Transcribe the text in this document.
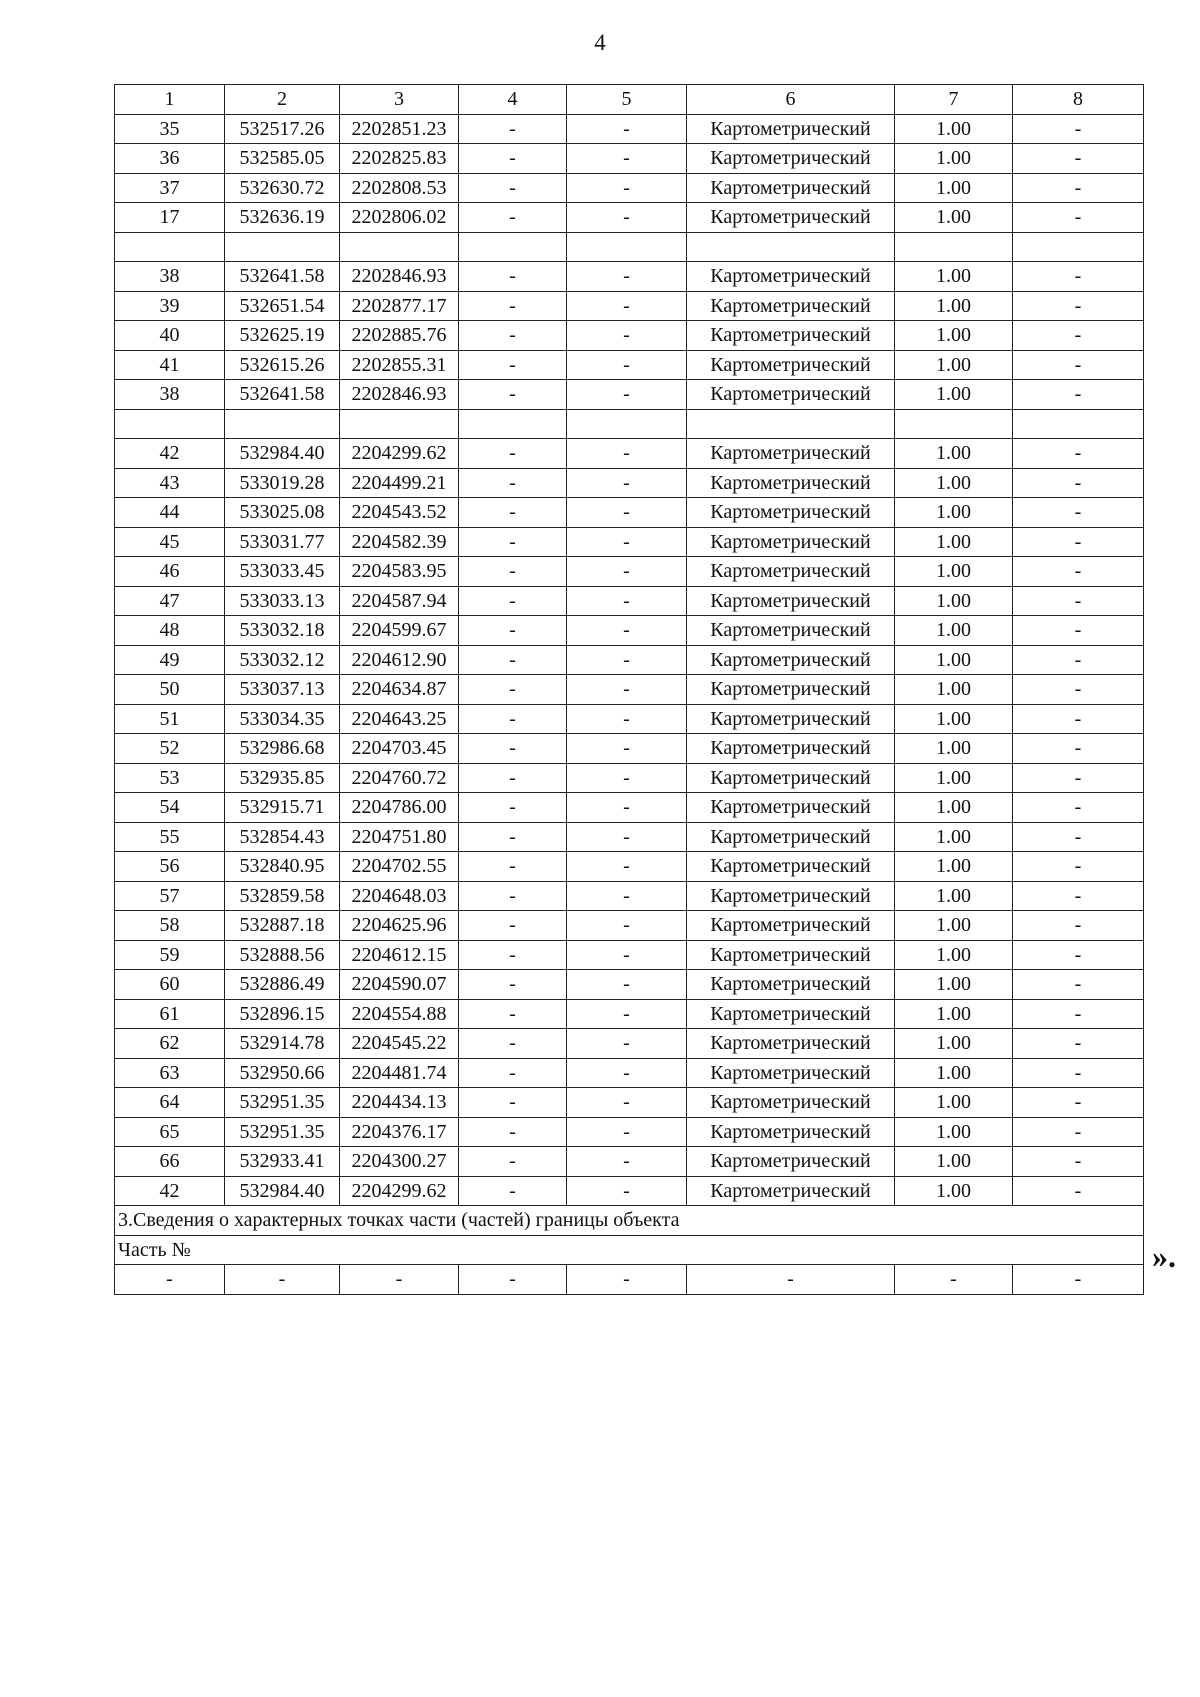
4
1	2	3	4	5	6	7	8
35	532517.26	2202851.23	-	-	Картометрический	1.00	-
36	532585.05	2202825.83	-	-	Картометрический	1.00	-
37	532630.72	2202808.53	-	-	Картометрический	1.00	-
17	532636.19	2202806.02	-	-	Картометрический	1.00	-

38	532641.58	2202846.93	-	-	Картометрический	1.00	-
39	532651.54	2202877.17	-	-	Картометрический	1.00	-
40	532625.19	2202885.76	-	-	Картометрический	1.00	-
41	532615.26	2202855.31	-	-	Картометрический	1.00	-
38	532641.58	2202846.93	-	-	Картометрический	1.00	-

42	532984.40	2204299.62	-	-	Картометрический	1.00	-
43	533019.28	2204499.21	-	-	Картометрический	1.00	-
44	533025.08	2204543.52	-	-	Картометрический	1.00	-
45	533031.77	2204582.39	-	-	Картометрический	1.00	-
46	533033.45	2204583.95	-	-	Картометрический	1.00	-
47	533033.13	2204587.94	-	-	Картометрический	1.00	-
48	533032.18	2204599.67	-	-	Картометрический	1.00	-
49	533032.12	2204612.90	-	-	Картометрический	1.00	-
50	533037.13	2204634.87	-	-	Картометрический	1.00	-
51	533034.35	2204643.25	-	-	Картометрический	1.00	-
52	532986.68	2204703.45	-	-	Картометрический	1.00	-
53	532935.85	2204760.72	-	-	Картометрический	1.00	-
54	532915.71	2204786.00	-	-	Картометрический	1.00	-
55	532854.43	2204751.80	-	-	Картометрический	1.00	-
56	532840.95	2204702.55	-	-	Картометрический	1.00	-
57	532859.58	2204648.03	-	-	Картометрический	1.00	-
58	532887.18	2204625.96	-	-	Картометрический	1.00	-
59	532888.56	2204612.15	-	-	Картометрический	1.00	-
60	532886.49	2204590.07	-	-	Картометрический	1.00	-
61	532896.15	2204554.88	-	-	Картометрический	1.00	-
62	532914.78	2204545.22	-	-	Картометрический	1.00	-
63	532950.66	2204481.74	-	-	Картометрический	1.00	-
64	532951.35	2204434.13	-	-	Картометрический	1.00	-
65	532951.35	2204376.17	-	-	Картометрический	1.00	-
66	532933.41	2204300.27	-	-	Картометрический	1.00	-
42	532984.40	2204299.62	-	-	Картометрический	1.00	-
3.Сведения о характерных точках части (частей) границы объекта							
Часть №							
-	-	-	-	-	-	-	-
».
